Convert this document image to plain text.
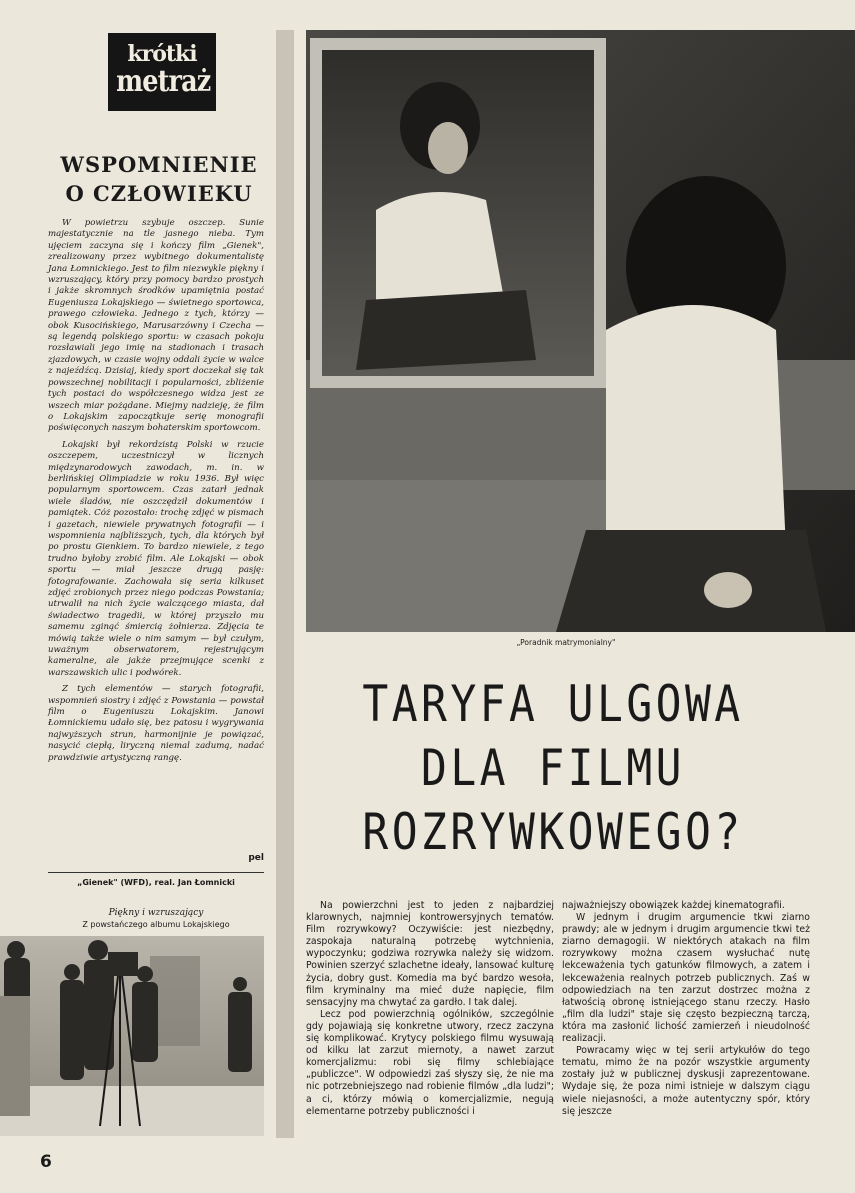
krótki
metraż
WSPOMNIENIE
O CZŁOWIEKU

W powietrzu szybuje oszczep. Sunie majestatycznie na tle jasnego nieba. Tym ujęciem zaczyna się i kończy film „Gienek", zrealizowany przez wybitnego dokumentalistę Jana Łomnickiego. Jest to film niezwykle piękny i wzruszający, który przy pomocy bardzo prostych i jakże skromnych środków upamiętnia postać Eugeniusza Lokajskiego — świetnego sportowca, prawego człowieka. Jednego z tych, którzy — obok Kusocińskiego, Marusarzówny i Czecha — są legendą polskiego sportu: w czasach pokoju rozsławiali jego imię na stadionach i trasach zjazdowych, w czasie wojny oddali życie w walce z najeźdźcą. Dzisiaj, kiedy sport doczekał się tak powszechnej nobilitacji i popularności, zbliżenie tych postaci do współczesnego widza jest ze wszech miar pożądane. Miejmy nadzieję, że film o Lokajskim zapoczątkuje serię monografii poświęconych naszym bohaterskim sportowcom.

Lokajski był rekordzistą Polski w rzucie oszczepem, uczestniczył w licznych międzynarodowych zawodach, m. in. w berlińskiej Olimpiadzie w roku 1936. Był więc popularnym sportowcem. Czas zatarł jednak wiele śladów, nie oszczędził dokumentów i pamiątek. Cóż pozostało: trochę zdjęć w pismach i gazetach, niewiele prywatnych fotografii — i wspomnienia najbliższych, tych, dla których był po prostu Gienkiem. To bardzo niewiele, z tego trudno byłoby zrobić film. Ale Lokajski — obok sportu — miał jeszcze drugą pasję: fotografowanie. Zachowała się seria kilkuset zdjęć zrobionych przez niego podczas Powstania; utrwalił na nich życie walczącego miasta, dał świadectwo tragedii, w której przyszło mu samemu zginąć śmiercią żołnierza. Zdjęcia te mówią także wiele o nim samym — był czułym, uważnym obserwatorem, rejestrującym kameralne, ale jakże przejmujące scenki z warszawskich ulic i podwórek.

Z tych elementów — starych fotografii, wspomnień siostry i zdjęć z Powstania — powstał film o Eugeniuszu Lokajskim. Janowi Łomnickiemu udało się, bez patosu i wygrywania najwyższych strun, harmonijnie je powiązać, nasycić ciepłą, liryczną niemal zadumą, nadać prawdziwie artystyczną rangę.

pel
„Gienek" (WFD), real. Jan Łomnicki
Piękny i wzruszający
Z powstańczego albumu Lokajskiego
6
„Poradnik matrymonialny"
TARYFA ULGOWA
DLA FILMU
ROZRYWKOWEGO?

Na powierzchni jest to jeden z najbardziej klarownych, najmniej kontrowersyjnych tematów. Film rozrywkowy? Oczywiście: jest niezbędny, zaspokaja naturalną potrzebę wytchnienia, wypoczynku; godziwa rozrywka należy się widzom. Powinien szerzyć szlachetne ideały, lansować kulturę życia, dobry gust. Komedia ma być bardzo wesoła, film kryminalny ma mieć duże napięcie, film sensacyjny ma chwytać za gardło. I tak dalej.

Lecz pod powierzchnią ogólników, szczególnie gdy pojawiają się konkretne utwory, rzecz zaczyna się komplikować. Krytycy polskiego filmu wysuwają od kilku lat zarzut miernoty, a nawet zarzut komercjalizmu: robi się filmy schlebiające „publiczce". W odpowiedzi zaś słyszy się, że nie ma nic potrzebniejszego nad robienie filmów „dla ludzi"; a ci, którzy mówią o komercjalizmie, negują elementarne potrzeby publiczności i

najważniejszy obowiązek każdej kinematografii.

W jednym i drugim argumencie tkwi ziarno prawdy; ale w jednym i drugim argumencie tkwi też ziarno demagogii. W niektórych atakach na film rozrywkowy można czasem wysłuchać nutę lekceważenia tych gatunków filmowych, a zatem i lekceważenia realnych potrzeb publicznych. Zaś w odpowiedziach na ten zarzut dostrzec można z łatwością obronę istniejącego stanu rzeczy. Hasło „film dla ludzi" staje się często bezpieczną tarczą, która ma zasłonić lichość zamierzeń i nieudolność realizacji.

Powracamy więc w tej serii artykułów do tego tematu, mimo że na pozór wszystkie argumenty zostały już w publicznej dyskusji zaprezentowane. Wydaje się, że poza nimi istnieje w dalszym ciągu wiele niejasności, a może autentyczny spór, który się jeszcze
